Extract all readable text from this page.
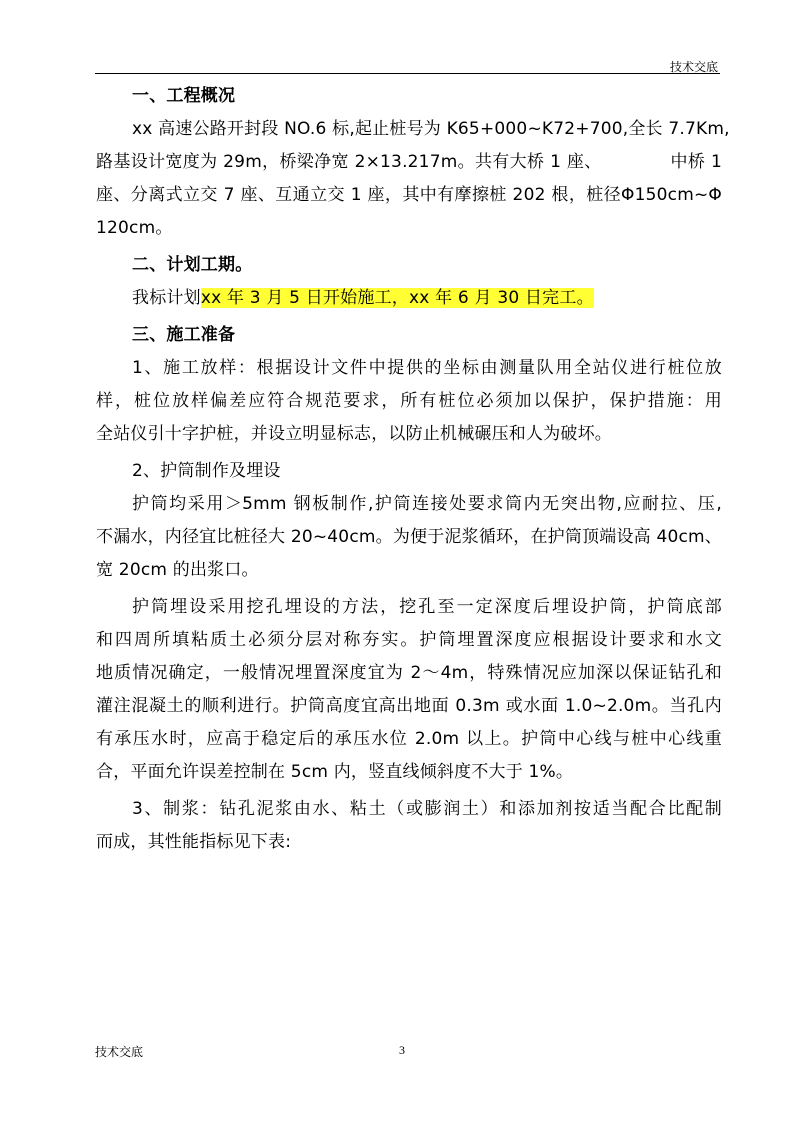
技术交底
一、工程概况
xx 高速公路开封段 NO.6 标,起止桩号为 K65+000~K72+700,全长 7.7Km,
路基设计宽度为 29m，桥梁净宽 2×13.217m。共有大桥 1 座、            中桥 1
座、分离式立交 7 座、互通立交 1 座，其中有摩擦桩 202 根，桩径Φ150cm~Φ
120cm。
二、计划工期。
我标计划xx 年 3 月 5 日开始施工，xx 年 6 月 30 日完工。
三、施工准备
1、施工放样：根据设计文件中提供的坐标由测量队用全站仪进行桩位放
样，桩位放样偏差应符合规范要求，所有桩位必须加以保护，保护措施：用
全站仪引十字护桩，并设立明显标志，以防止机械碾压和人为破坏。
2、护筒制作及埋设
护筒均采用＞5mm 钢板制作,护筒连接处要求筒内无突出物,应耐拉、压,
不漏水，内径宜比桩径大 20~40cm。为便于泥浆循环，在护筒顶端设高 40cm、
宽 20cm 的出浆口。
护筒埋设采用挖孔埋设的方法，挖孔至一定深度后埋设护筒，护筒底部
和四周所填粘质土必须分层对称夯实。护筒埋置深度应根据设计要求和水文
地质情况确定，一般情况埋置深度宜为 2～4m，特殊情况应加深以保证钻孔和
灌注混凝土的顺利进行。护筒高度宜高出地面 0.3m 或水面 1.0~2.0m。当孔内
有承压水时，应高于稳定后的承压水位 2.0m 以上。护筒中心线与桩中心线重
合，平面允许误差控制在 5cm 内，竖直线倾斜度不大于 1%。
3、制浆：钻孔泥浆由水、粘土（或膨润土）和添加剂按适当配合比配制
而成，其性能指标见下表:
技术交底	3
